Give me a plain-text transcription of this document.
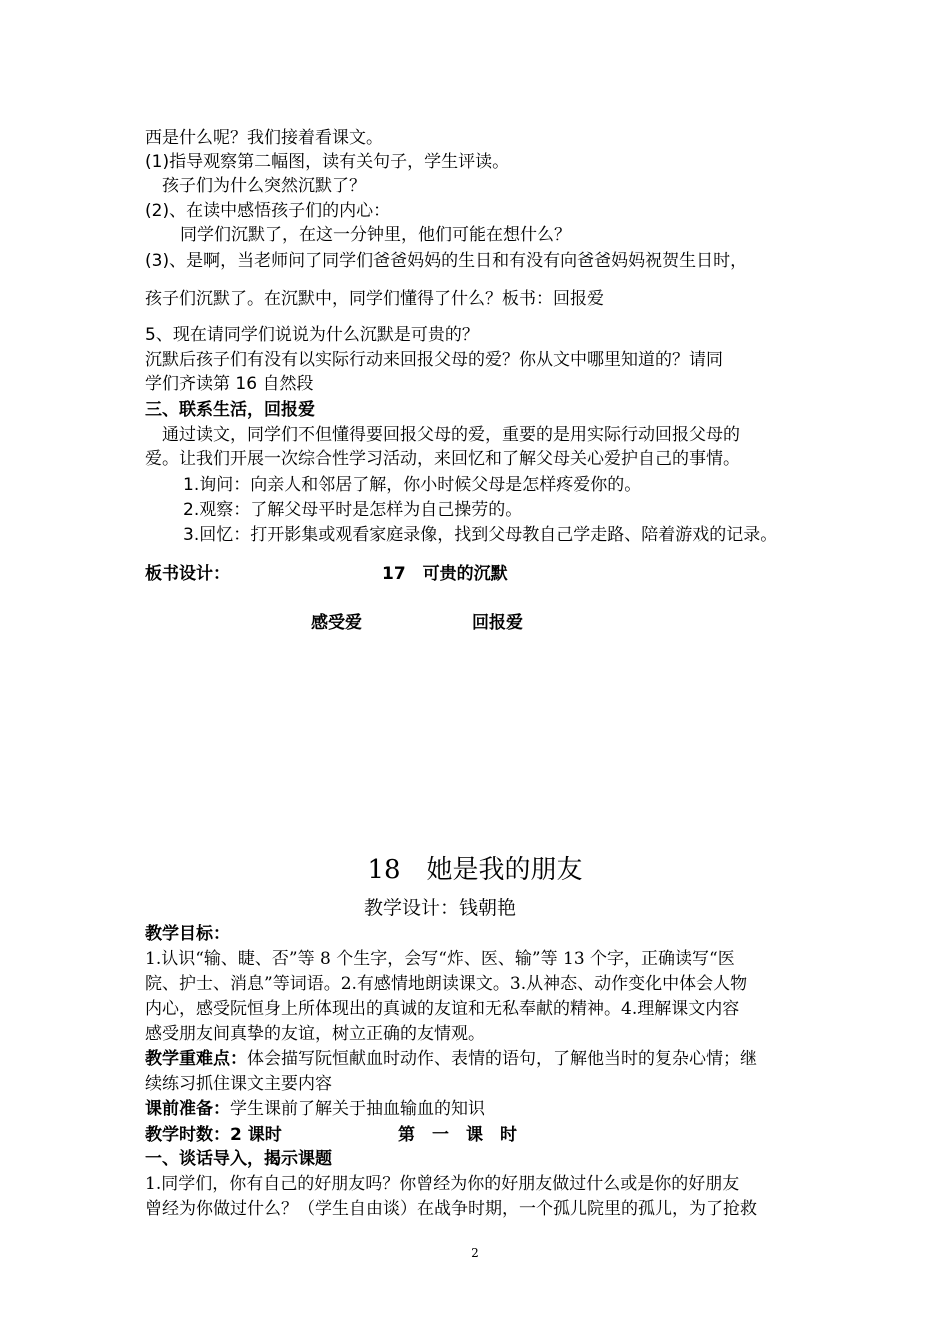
西是什么呢？我们接着看课文。
(1)指导观察第二幅图，读有关句子，学生评读。
孩子们为什么突然沉默了？
(2)、在读中感悟孩子们的内心：
同学们沉默了，在这一分钟里，他们可能在想什么？
(3)、是啊，当老师问了同学们爸爸妈妈的生日和有没有向爸爸妈妈祝贺生日时，
孩子们沉默了。在沉默中，同学们懂得了什么？板书：回报爱
5、现在请同学们说说为什么沉默是可贵的？
沉默后孩子们有没有以实际行动来回报父母的爱？你从文中哪里知道的？请同
学们齐读第 16 自然段
三、联系生活，回报爱
通过读文，同学们不但懂得要回报父母的爱，重要的是用实际行动回报父母的
爱。让我们开展一次综合性学习活动，来回忆和了解父母关心爱护自己的事情。
1.询问：向亲人和邻居了解，你小时候父母是怎样疼爱你的。
2.观察：了解父母平时是怎样为自己操劳的。
3.回忆：打开影集或观看家庭录像，找到父母教自己学走路、陪着游戏的记录。
板书设计：	17　可贵的沉默
感受爱	回报爱
18　她是我的朋友
教学设计：钱朝艳
教学目标：
1.认识“输、睫、否”等 8 个生字，会写“炸、医、输”等 13 个字，正确读写“医
院、护士、消息”等词语。2.有感情地朗读课文。3.从神态、动作变化中体会人物
内心，感受阮恒身上所体现出的真诚的友谊和无私奉献的精神。4.理解课文内容
感受朋友间真挚的友谊，树立正确的友情观。
教学重难点：体会描写阮恒献血时动作、表情的语句，了解他当时的复杂心情；继
续练习抓住课文主要内容
课前准备：学生课前了解关于抽血输血的知识
教学时数：2 课时	第　一　课　时
一、谈话导入，揭示课题
1.同学们，你有自己的好朋友吗？你曾经为你的好朋友做过什么或是你的好朋友
曾经为你做过什么？（学生自由谈）在战争时期，一个孤儿院里的孤儿，为了抢救
2
